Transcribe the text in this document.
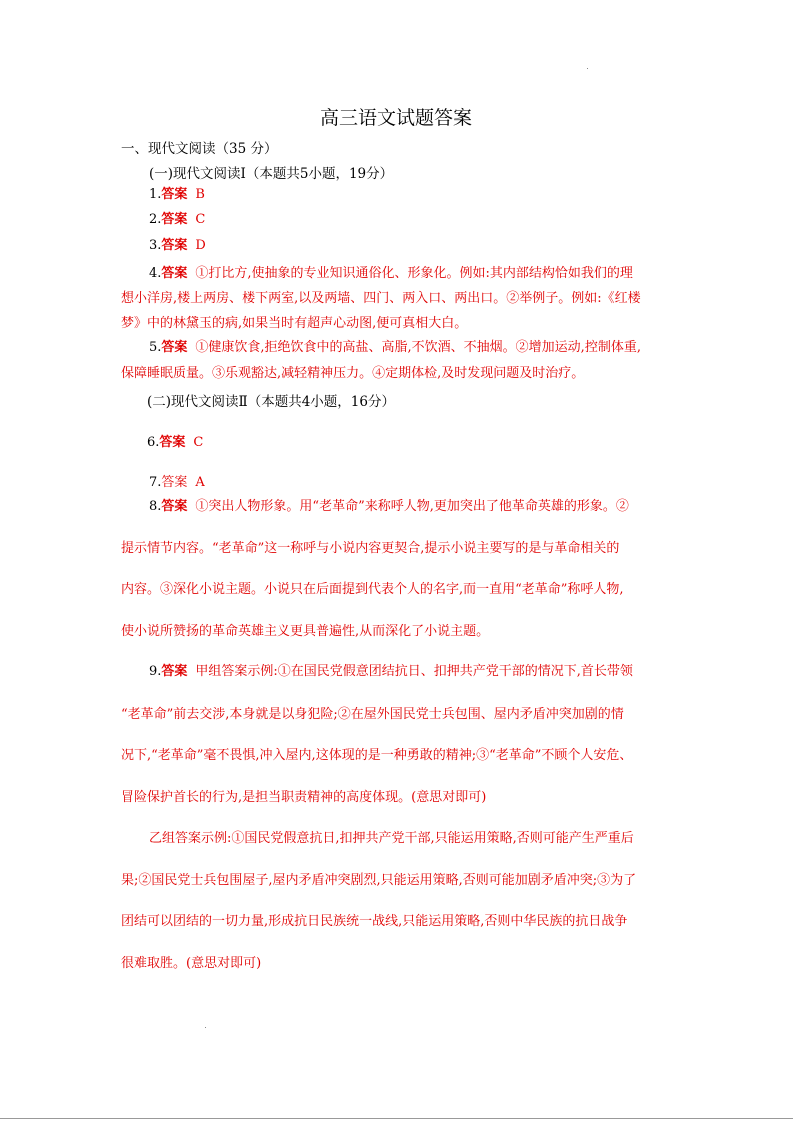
高三语文试题答案
一、现代文阅读（35 分）
(一)现代文阅读Ⅰ（本题共5小题，19分）
1.答案 B
2.答案 C
3.答案 D
4.答案 ①打比方,使抽象的专业知识通俗化、形象化。例如:其内部结构恰如我们的理
想小洋房,楼上两房、楼下两室,以及两墙、四门、两入口、两出口。②举例子。例如:《红楼
梦》中的林黛玉的病,如果当时有超声心动图,便可真相大白。
5.答案 ①健康饮食,拒绝饮食中的高盐、高脂,不饮酒、不抽烟。②增加运动,控制体重,
保障睡眠质量。③乐观豁达,减轻精神压力。④定期体检,及时发现问题及时治疗。
(二)现代文阅读Ⅱ（本题共4小题，16分）
6.答案 C
7.答案 A
8.答案 ①突出人物形象。用“老革命”来称呼人物,更加突出了他革命英雄的形象。②
提示情节内容。“老革命”这一称呼与小说内容更契合,提示小说主要写的是与革命相关的
内容。③深化小说主题。小说只在后面提到代表个人的名字,而一直用“老革命”称呼人物,
使小说所赞扬的革命英雄主义更具普遍性,从而深化了小说主题。
9.答案 甲组答案示例:①在国民党假意团结抗日、扣押共产党干部的情况下,首长带领
“老革命”前去交涉,本身就是以身犯险;②在屋外国民党士兵包围、屋内矛盾冲突加剧的情
况下,“老革命”毫不畏惧,冲入屋内,这体现的是一种勇敢的精神;③“老革命”不顾个人安危、
冒险保护首长的行为,是担当职责精神的高度体现。(意思对即可)
乙组答案示例:①国民党假意抗日,扣押共产党干部,只能运用策略,否则可能产生严重后
果;②国民党士兵包围屋子,屋内矛盾冲突剧烈,只能运用策略,否则可能加剧矛盾冲突;③为了
团结可以团结的一切力量,形成抗日民族统一战线,只能运用策略,否则中华民族的抗日战争
很难取胜。(意思对即可)
